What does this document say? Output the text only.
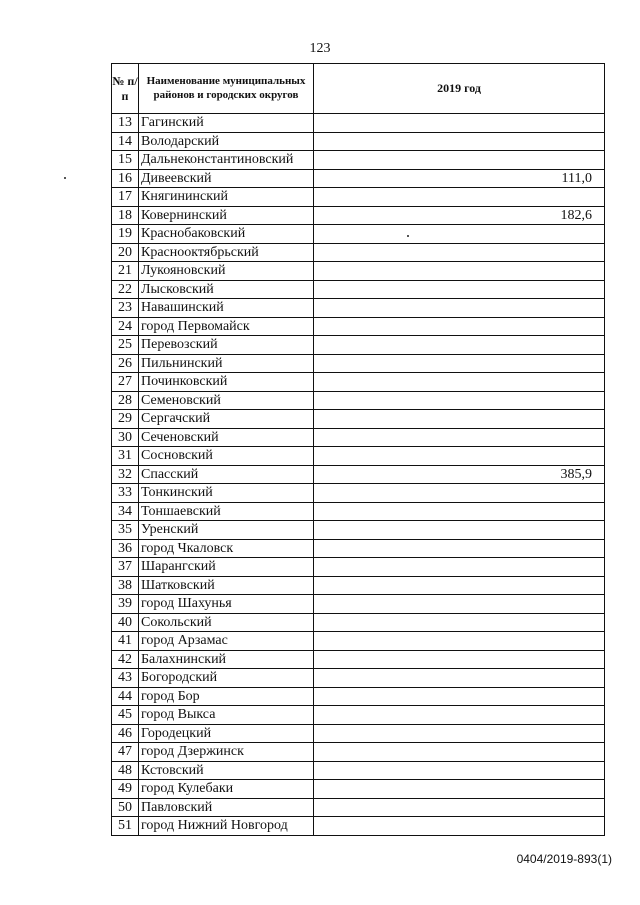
123
№ п/п	Наименование муниципальных районов и городских округов	2019 год
13	Гагинский	
14	Володарский	
15	Дальнеконстантиновский	
16	Дивеевский	111,0
17	Княгининский	
18	Ковернинский	182,6
19	Краснобаковский	
20	Краснооктябрьский	
21	Лукояновский	
22	Лысковский	
23	Навашинский	
24	город Первомайск	
25	Перевозский	
26	Пильнинский	
27	Починковский	
28	Семеновский	
29	Сергачский	
30	Сеченовский	
31	Сосновский	
32	Спасский	385,9
33	Тонкинский	
34	Тоншаевский	
35	Уренский	
36	город Чкаловск	
37	Шарангский	
38	Шатковский	
39	город Шахунья	
40	Сокольский	
41	город Арзамас	
42	Балахнинский	
43	Богородский	
44	город Бор	
45	город Выкса	
46	Городецкий	
47	город Дзержинск	
48	Кстовский	
49	город Кулебаки	
50	Павловский	
51	город Нижний Новгород	
0404/2019-893(1)
